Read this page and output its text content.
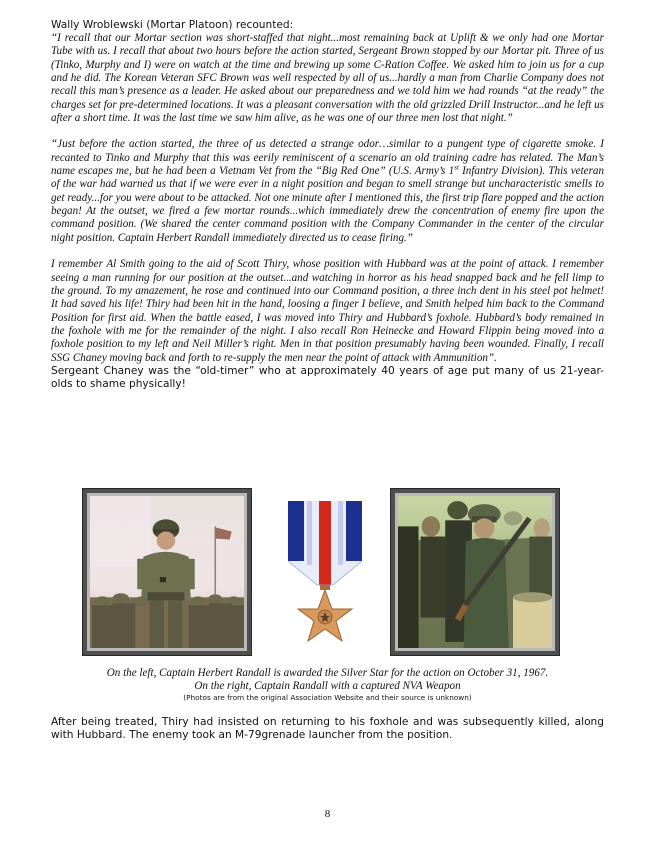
Wally Wroblewski (Mortar Platoon) recounted:

“I recall that our Mortar section was short-staffed that night...most remaining back at Uplift & we only had one Mortar Tube with us. I recall that about two hours before the action started, Sergeant Brown stopped by our Mortar pit. Three of us (Tinko, Murphy and I) were on watch at the time and brewing up some C-Ration Coffee. We asked him to join us for a cup and he did. The Korean Veteran SFC Brown was well respected by all of us...hardly a man from Charlie Company does not recall this man’s presence as a leader. He asked about our preparedness and we told him we had rounds “at the ready” the charges set for pre-determined locations. It was a pleasant conversation with the old grizzled Drill Instructor...and he left us after a short time. It was the last time we saw him alive, as he was one of our three men lost that night.”

“Just before the action started, the three of us detected a strange odor…similar to a pungent type of cigarette smoke. I recanted to Tinko and Murphy that this was eerily reminiscent of a scenario an old training cadre has related. The Man’s name escapes me, but he had been a Vietnam Vet from the “Big Red One” (U.S. Army’s 1st Infantry Division). This veteran of the war had warned us that if we were ever in a night position and began to smell strange but uncharacteristic smells to get ready...for you were about to be attacked. Not one minute after I mentioned this, the first trip flare popped and the action began! At the outset, we fired a few mortar rounds...which immediately drew the concentration of enemy fire upon the command position. (We shared the center command position with the Company Commander in the center of the circular night position. Captain Herbert Randall immediately directed us to cease firing.”

I remember Al Smith going to the aid of Scott Thiry, whose position with Hubbard was at the point of attack. I remember seeing a man running for our position at the outset...and watching in horror as his head snapped back and he fell limp to the ground. To my amazement, he rose and continued into our Command position, a three inch dent in his steel pot helmet! It had saved his life! Thiry had been hit in the hand, loosing a finger I believe, and Smith helped him back to the Command Position for first aid. When the battle eased, I was moved into Thiry and Hubbard’s foxhole. Hubbard’s body remained in the foxhole with me for the remainder of the night. I also recall Ron Heinecke and Howard Flippin being moved into a foxhole position to my left and Neil Miller’s right. Men in that position presumably having been wounded. Finally, I recall SSG Chaney moving back and forth to re-supply the men near the point of attack with Ammunition”.

Sergeant Chaney was the “old-timer” who at approximately 40 years of age put many of us 21-year-olds to shame physically!
On the left, Captain Herbert Randall is awarded the Silver Star for the action on October 31, 1967.
On the right, Captain Randall with a captured NVA Weapon
(Photos are from the original Association Website and their source is unknown)
After being treated, Thiry had insisted on returning to his foxhole and was subsequently killed, along with Hubbard. The enemy took an M-79grenade launcher from the position.
8
